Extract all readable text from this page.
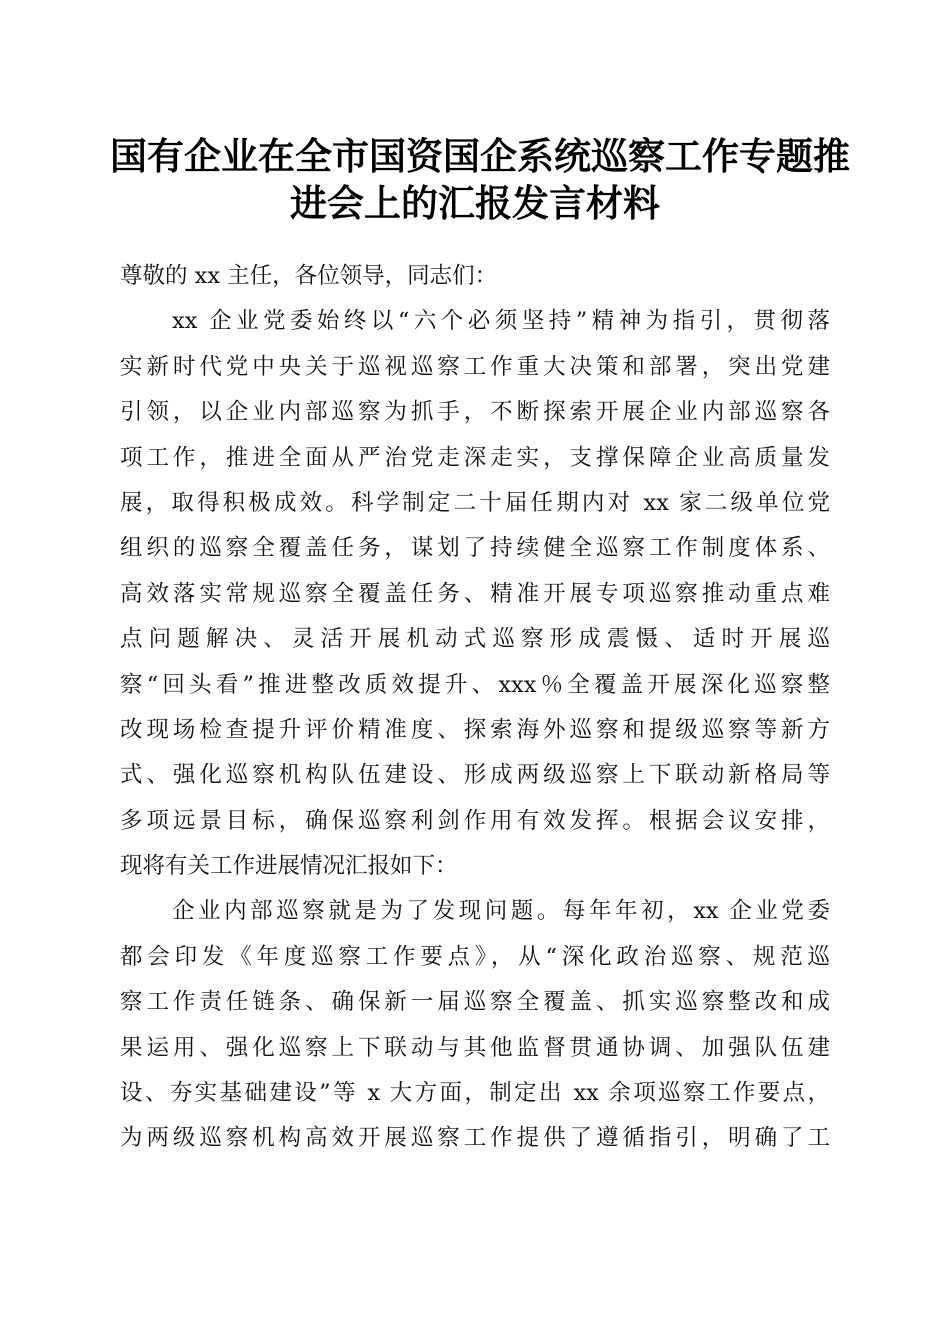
国有企业在全市国资国企系统巡察工作专题推
进会上的汇报发言材料
尊敬的 xx 主任，各位领导，同志们：
xx 企业党委始终以“六个必须坚持”精神为指引，贯彻落
实新时代党中央关于巡视巡察工作重大决策和部署，突出党建
引领，以企业内部巡察为抓手，不断探索开展企业内部巡察各
项工作，推进全面从严治党走深走实，支撑保障企业高质量发
展，取得积极成效。科学制定二十届任期内对 xx 家二级单位党
组织的巡察全覆盖任务，谋划了持续健全巡察工作制度体系、
高效落实常规巡察全覆盖任务、精准开展专项巡察推动重点难
点问题解决、灵活开展机动式巡察形成震慑、适时开展巡
察“回头看”推进整改质效提升、xxx％全覆盖开展深化巡察整
改现场检查提升评价精准度、探索海外巡察和提级巡察等新方
式、强化巡察机构队伍建设、形成两级巡察上下联动新格局等
多项远景目标，确保巡察利剑作用有效发挥。根据会议安排，
现将有关工作进展情况汇报如下：
企业内部巡察就是为了发现问题。每年年初，xx 企业党委
都会印发《年度巡察工作要点》，从“深化政治巡察、规范巡
察工作责任链条、确保新一届巡察全覆盖、抓实巡察整改和成
果运用、强化巡察上下联动与其他监督贯通协调、加强队伍建
设、夯实基础建设”等 x 大方面，制定出 xx 余项巡察工作要点，
为两级巡察机构高效开展巡察工作提供了遵循指引，明确了工
